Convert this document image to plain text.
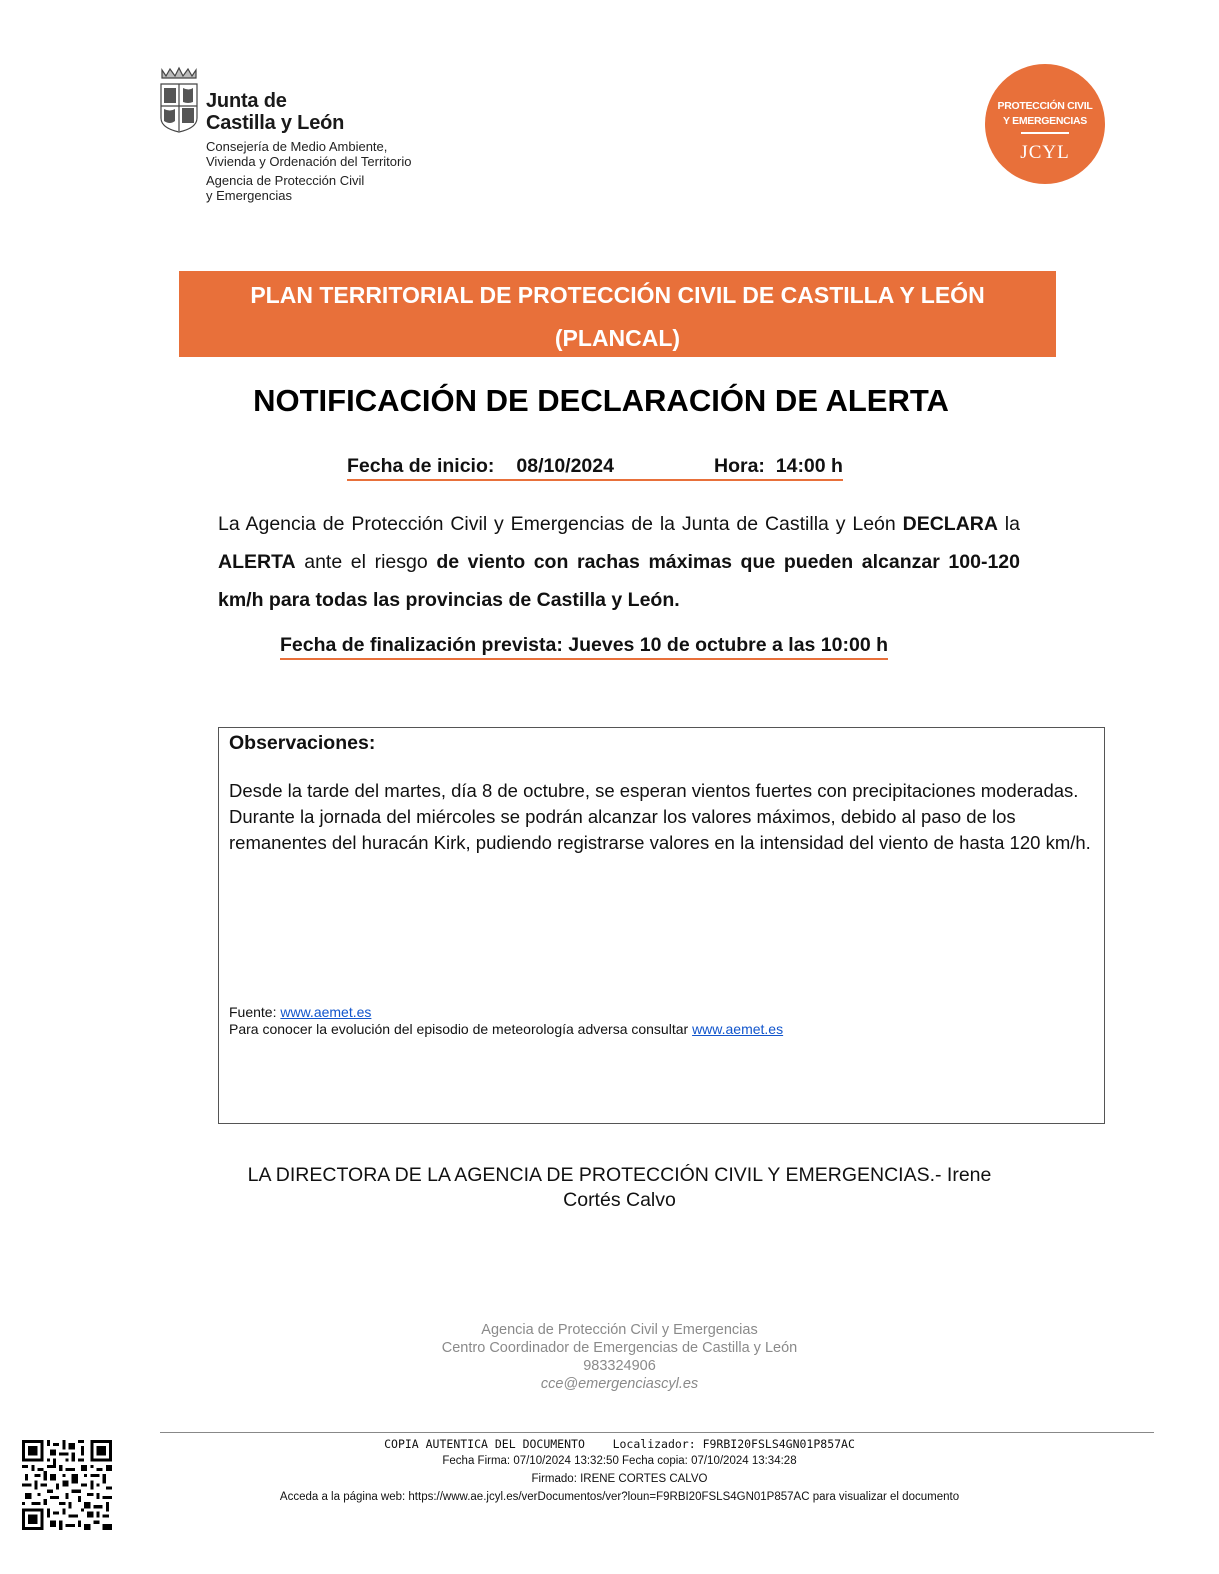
Junta de
Castilla y León
Consejería de Medio Ambiente,
Vivienda y Ordenación del Territorio
Agencia de Protección Civil
y Emergencias
PROTECCIÓN CIVIL
Y EMERGENCIAS
JCYL
PLAN TERRITORIAL DE PROTECCIÓN CIVIL DE CASTILLA Y LEÓN
(PLANCAL)
NOTIFICACIÓN DE DECLARACIÓN DE ALERTA
Fecha de inicio: 08/10/2024	Hora: 14:00 h
La Agencia de Protección Civil y Emergencias de la Junta de Castilla y León DECLARA la ALERTA ante el riesgo de viento con rachas máximas que pueden alcanzar 100-120 km/h para todas las provincias de Castilla y León.
Fecha de finalización prevista: Jueves 10 de octubre a las 10:00 h
Observaciones:
Desde la tarde del martes, día 8 de octubre, se esperan vientos fuertes con precipitaciones moderadas. Durante la jornada del miércoles se podrán alcanzar los valores máximos, debido al paso de los remanentes del huracán Kirk, pudiendo registrarse valores en la intensidad del viento de hasta 120 km/h.
Fuente: www.aemet.es
Para conocer la evolución del episodio de meteorología adversa consultar www.aemet.es
LA DIRECTORA DE LA AGENCIA DE PROTECCIÓN CIVIL Y EMERGENCIAS.- Irene
Cortés Calvo
Agencia de Protección Civil y Emergencias
Centro Coordinador de Emergencias de Castilla y León
983324906
cce@emergenciascyl.es
COPIA AUTENTICA DEL DOCUMENTO    Localizador: F9RBI20FSLS4GN01P857AC
Fecha Firma: 07/10/2024 13:32:50 Fecha copia: 07/10/2024 13:34:28
Firmado: IRENE CORTES CALVO
Acceda a la página web: https://www.ae.jcyl.es/verDocumentos/ver?loun=F9RBI20FSLS4GN01P857AC para visualizar el documento
